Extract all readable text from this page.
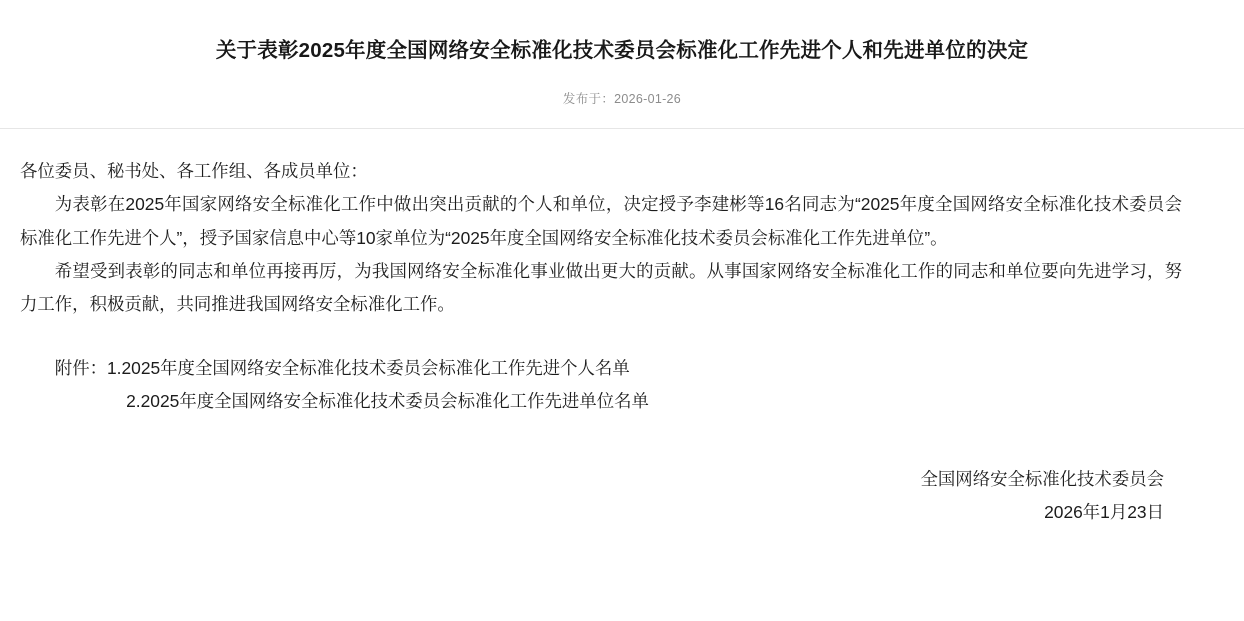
关于表彰2025年度全国网络安全标准化技术委员会标准化工作先进个人和先进单位的决定
发布于：2026-01-26

各位委员、秘书处、各工作组、各成员单位：

为表彰在2025年国家网络安全标准化工作中做出突出贡献的个人和单位，决定授予李建彬等16名同志为“2025年度全国网络安全标准化技术委员会标准化工作先进个人”，授予国家信息中心等10家单位为“2025年度全国网络安全标准化技术委员会标准化工作先进单位”。

希望受到表彰的同志和单位再接再厉，为我国网络安全标准化事业做出更大的贡献。从事国家网络安全标准化工作的同志和单位要向先进学习，努力工作，积极贡献，共同推进我国网络安全标准化工作。

附件：1.2025年度全国网络安全标准化技术委员会标准化工作先进个人名单

2.2025年度全国网络安全标准化技术委员会标准化工作先进单位名单

全国网络安全标准化技术委员会

2026年1月23日
